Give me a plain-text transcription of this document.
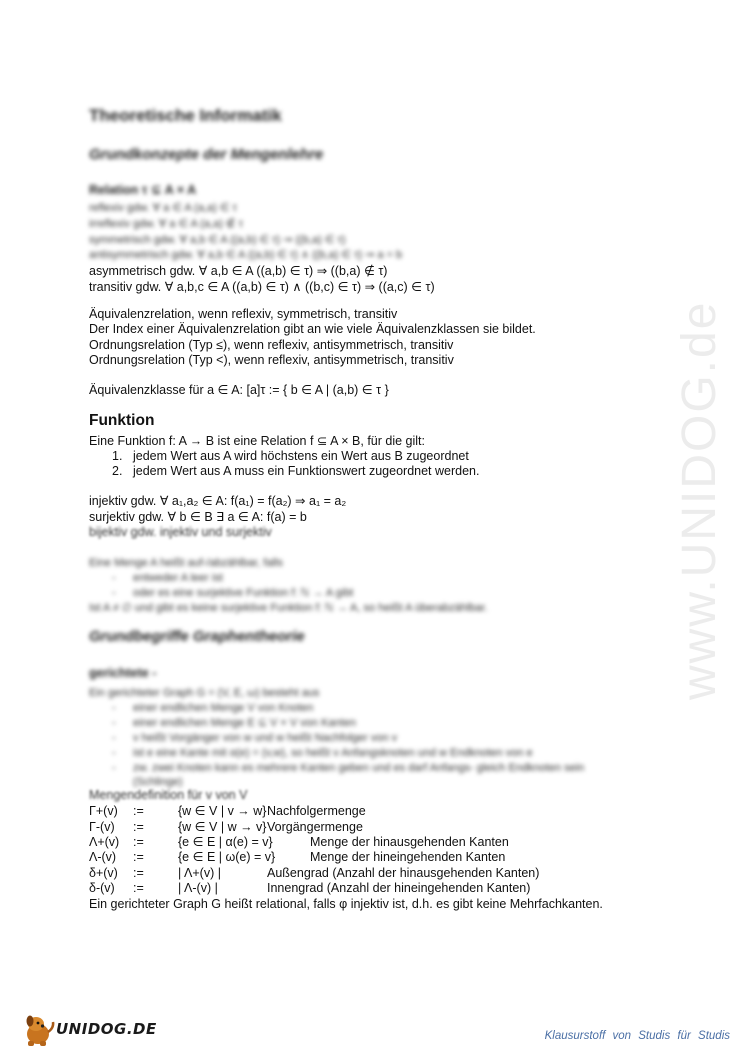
www.UNIDOG.de
Theoretische Informatik
Grundkonzepte der Mengenlehre
Relation τ ⊆ A × A
reflexiv gdw. ∀ a ∈ A (a,a) ∈ τ
irreflexiv gdw. ∀ a ∈ A (a,a) ∉ τ
symmetrisch gdw. ∀ a,b ∈ A ((a,b) ∈ τ) ⇒ ((b,a) ∈ τ)
antisymmetrisch gdw. ∀ a,b ∈ A ((a,b) ∈ τ) ∧ ((b,a) ∈ τ) ⇒ a = b
asymmetrisch gdw. ∀ a,b ∈ A ((a,b) ∈ τ) ⇒ ((b,a) ∉ τ)
transitiv gdw. ∀ a,b,c ∈ A ((a,b) ∈ τ) ∧ ((b,c) ∈ τ) ⇒ ((a,c) ∈ τ)
Äquivalenzrelation, wenn reflexiv, symmetrisch, transitiv
Der Index einer Äquivalenzrelation gibt an wie viele Äquivalenzklassen sie bildet.
Ordnungsrelation (Typ ≤), wenn reflexiv, antisymmetrisch, transitiv
Ordnungsrelation (Typ <), wenn reflexiv, antisymmetrisch, transitiv
Äquivalenzklasse für a ∈ A: [a]τ := { b ∈ A | (a,b) ∈ τ }
Funktion
Eine Funktion f: A → B ist eine Relation f ⊆ A × B, für die gilt:
1. jedem Wert aus A wird höchstens ein Wert aus B zugeordnet
2. jedem Wert aus A muss ein Funktionswert zugeordnet werden.
injektiv gdw. ∀ a₁,a₂ ∈ A: f(a₁) = f(a₂) ⇒ a₁ = a₂
surjektiv gdw. ∀ b ∈ B ∃ a ∈ A: f(a) = b
bijektiv gdw. injektiv und surjektiv
Eine Menge A heißt auf-/abzählbar, falls
- entweder A leer ist
- oder es eine surjektive Funktion f: ℕ → A gibt
Ist A ≠ ∅ und gibt es keine surjektive Funktion f: ℕ → A, so heißt A überabzählbar.
Grundbegriffe Graphentheorie
gerichtete -
Ein gerichteter Graph G = (V, E, ω) besteht aus
- einer endlichen Menge V von Knoten
- einer endlichen Menge E ⊆ V × V von Kanten
- v heißt Vorgänger von w und w heißt Nachfolger von v
- ist e eine Kante mit α(e) = (v,w), so heißt v Anfangsknoten und w Endknoten von e
- zw. zwei Knoten kann es mehrere Kanten geben und es darf Anfangs- gleich Endknoten sein
(Schlinge)
Mengendefinition für v von V
Γ+(v) :=	{w ∈ V | v → w} Nachfolgermenge
Γ-(v) :=	{w ∈ V | w → v} Vorgängermenge
Λ+(v) :=	{e ∈ E | α(e) = v}	Menge der hinausgehenden Kanten
Λ-(v) :=	{e ∈ E | ω(e) = v}	Menge der hineingehenden Kanten
δ+(v) :=	| Λ+(v) |	Außengrad (Anzahl der hinausgehenden Kanten)
δ-(v) :=	| Λ-(v) |	Innengrad (Anzahl der hineingehenden Kanten)
Ein gerichteter Graph G heißt relational, falls φ injektiv ist, d.h. es gibt keine Mehrfachkanten.
UNIDOG.DE	Klausurstoff von Studis für Studis
